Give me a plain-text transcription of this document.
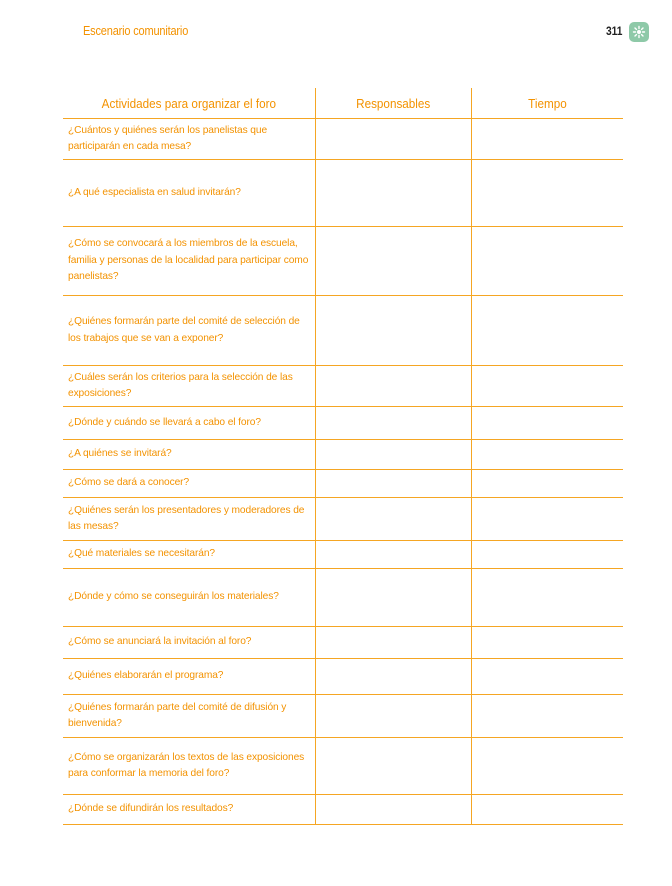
Escenario comunitario	311
Actividades para organizar el foro	Responsables	Tiempo
¿Cuántos y quiénes serán los panelistas que participarán en cada mesa?		
¿A qué especialista en salud invitarán?		
¿Cómo se convocará a los miembros de la escuela, familia y personas de la localidad para participar como panelistas?		
¿Quiénes formarán parte del comité de selección de los trabajos que se van a exponer?		
¿Cuáles serán los criterios para la selección de las exposiciones?		
¿Dónde y cuándo se llevará a cabo el foro?		
¿A quiénes se invitará?		
¿Cómo se dará a conocer?		
¿Quiénes serán los presentadores y moderadores de las mesas?		
¿Qué materiales se necesitarán?		
¿Dónde y cómo se conseguirán los materiales?		
¿Cómo se anunciará la invitación al foro?		
¿Quiénes elaborarán el programa?		
¿Quiénes formarán parte del comité de difusión y bienvenida?		
¿Cómo se organizarán los textos de las exposiciones para conformar la memoria del foro?		
¿Dónde se difundirán los resultados?		
